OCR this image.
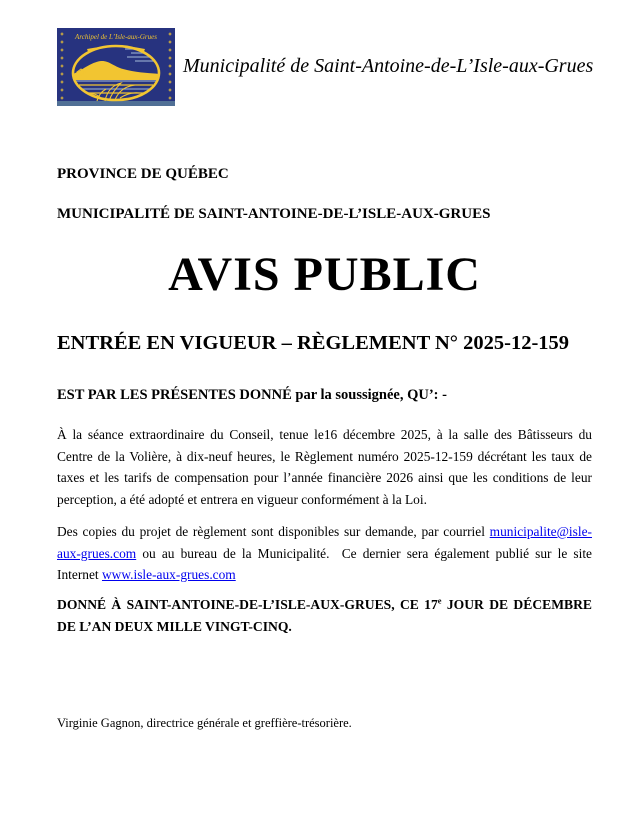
Archipel de L’Isle-aux-Grues
Municipalité de Saint-Antoine-de-L’Isle-aux-Grues
PROVINCE DE QUÉBEC
MUNICIPALITÉ DE SAINT-ANTOINE-DE-L’ISLE-AUX-GRUES
AVIS PUBLIC
ENTRÉE EN VIGUEUR – RÈGLEMENT N° 2025-12-159
EST PAR LES PRÉSENTES DONNÉ par la soussignée, QU’: -
À la séance extraordinaire du Conseil, tenue le16 décembre 2025, à la salle des Bâtisseurs du Centre de la Volière, à dix-neuf heures, le Règlement numéro 2025-12-159 décrétant les taux de taxes et les tarifs de compensation pour l’année financière 2026 ainsi que les conditions de leur perception, a été adopté et entrera en vigueur conformément à la Loi.
Des copies du projet de règlement sont disponibles sur demande, par courriel municipalite@isle-aux-grues.com ou au bureau de la Municipalité.  Ce dernier sera également publié sur le site Internet www.isle-aux-grues.com
DONNÉ À SAINT-ANTOINE-DE-L’ISLE-AUX-GRUES, CE 17e JOUR DE DÉCEMBRE DE L’AN DEUX MILLE VINGT-CINQ.
Virginie Gagnon, directrice générale et greffière-trésorière.
